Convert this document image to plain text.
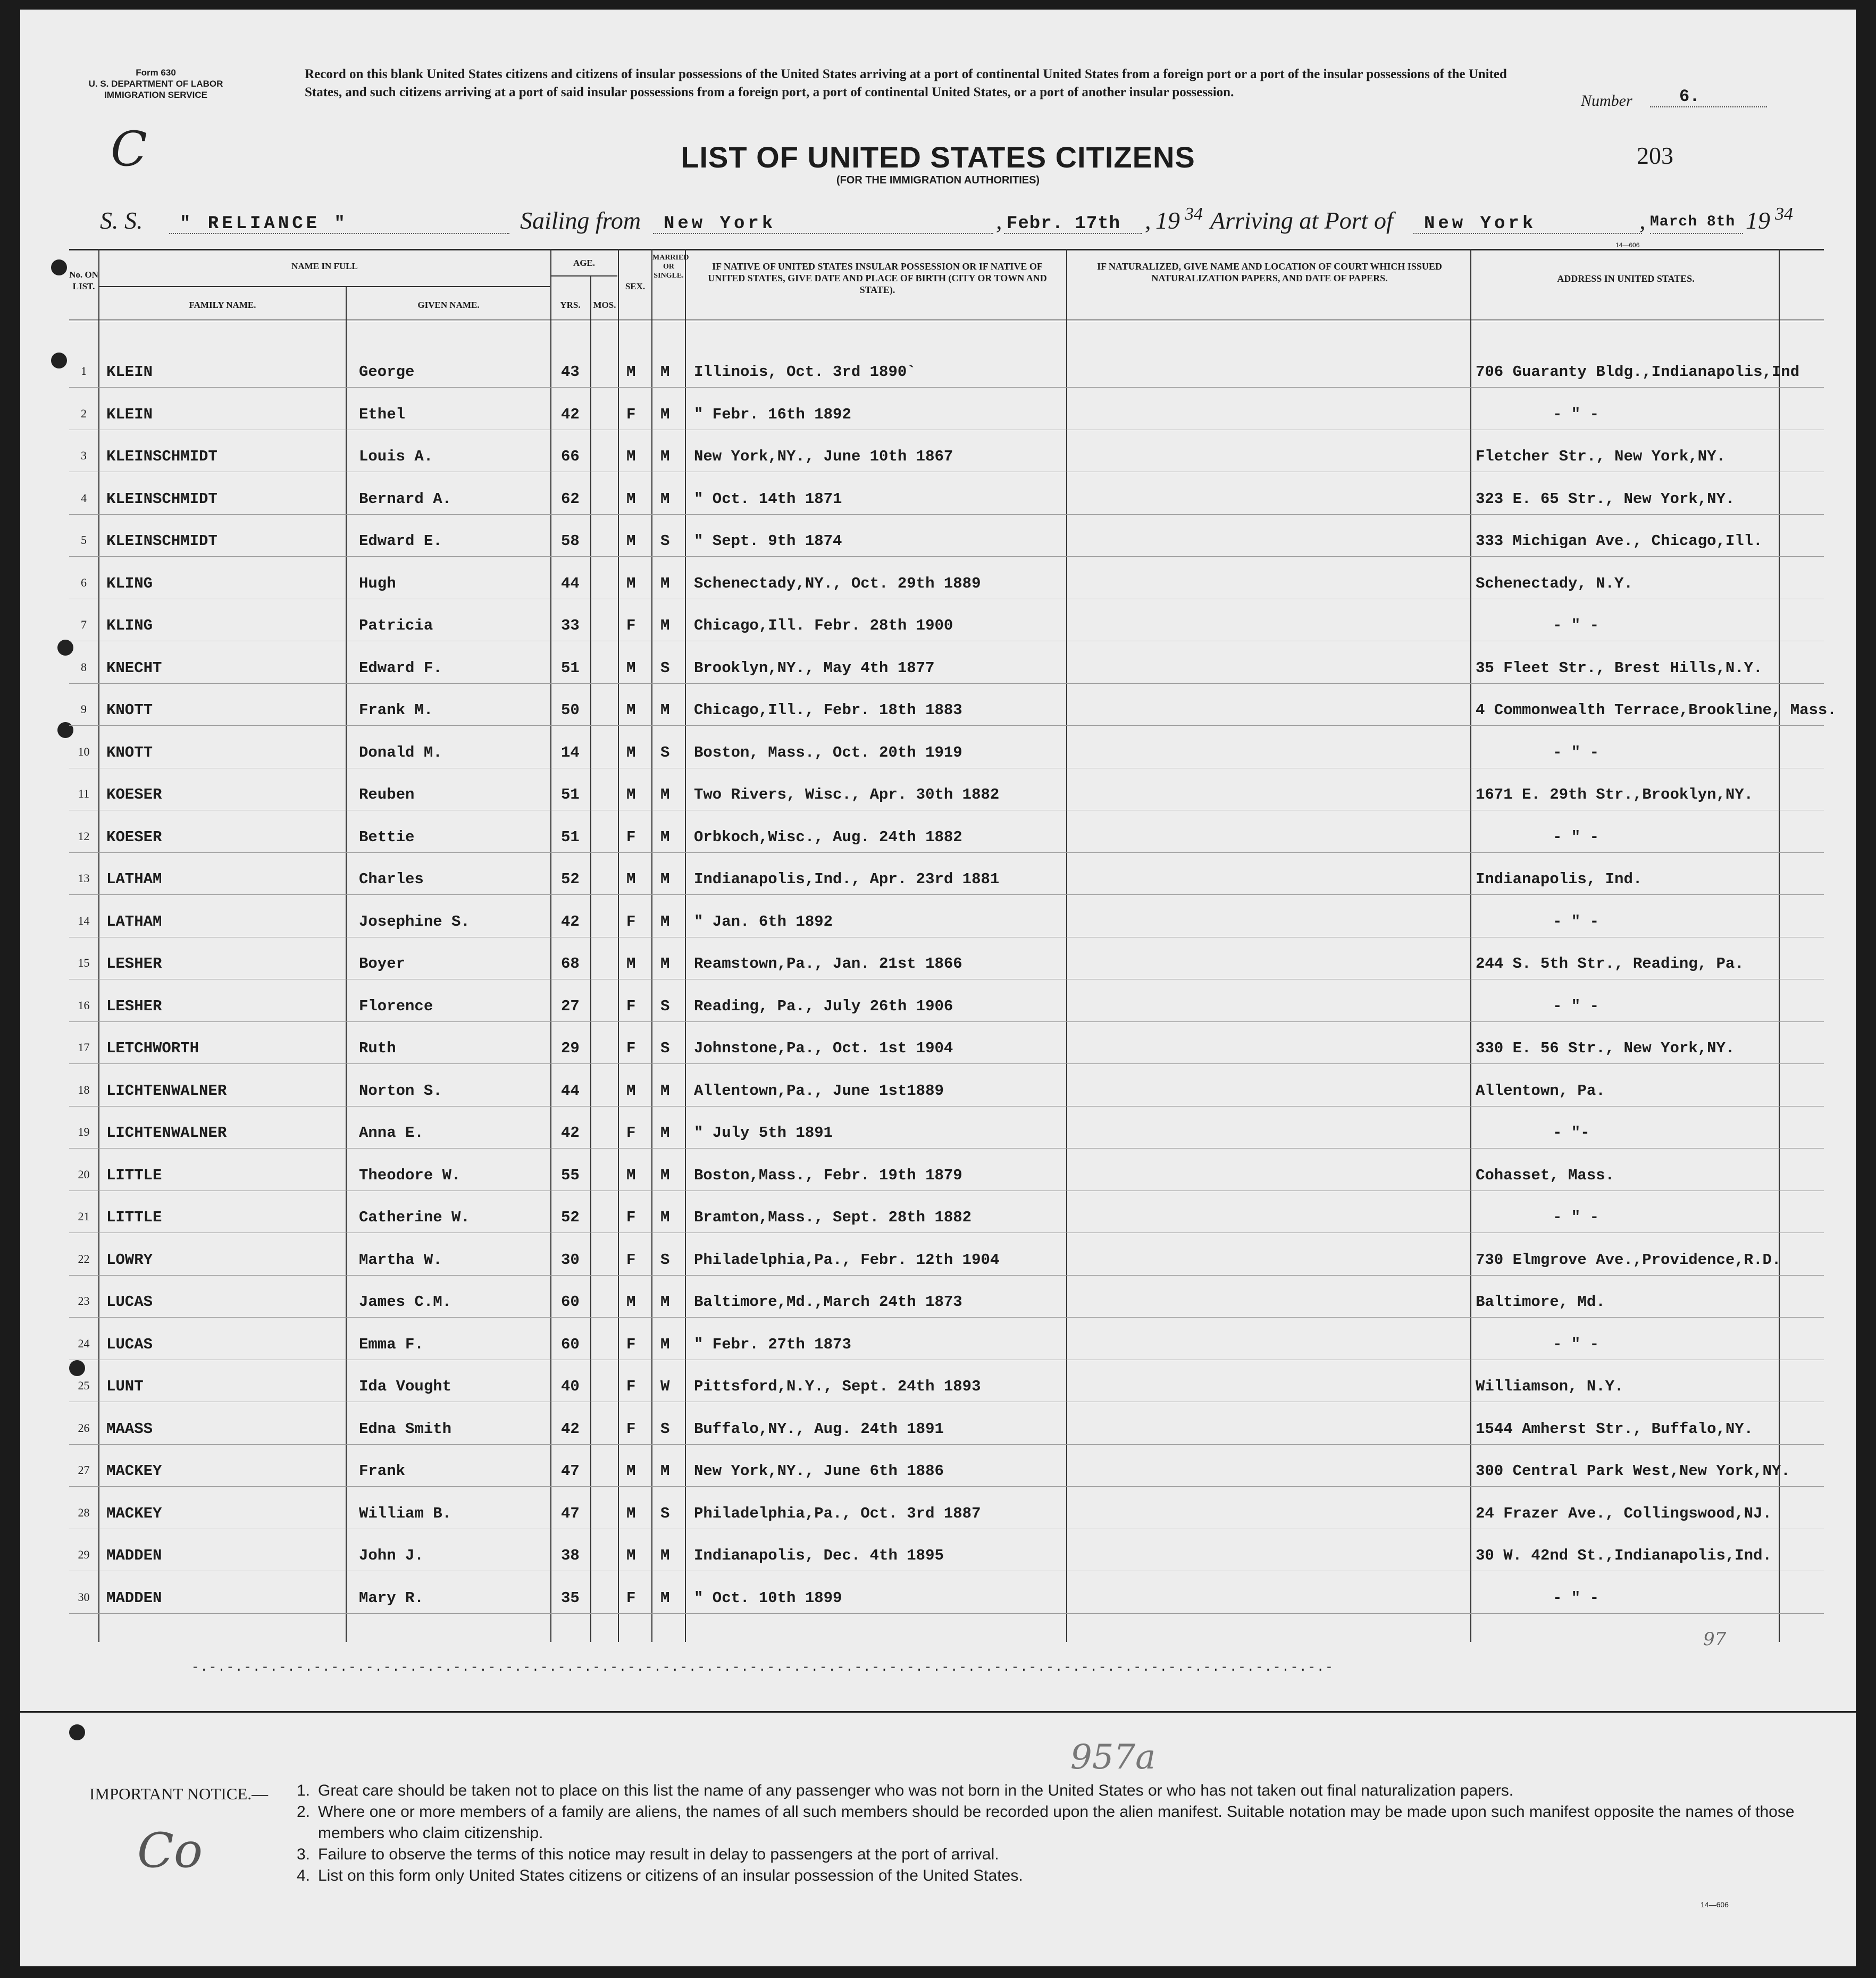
Form 630
U. S. DEPARTMENT OF LABOR
IMMIGRATION SERVICE
C
Record on this blank United States citizens and citizens of insular possessions of the United States arriving at a port of continental United States from a foreign port or a port of the insular possessions of the United States, and such citizens arriving at a port of said insular possessions from a foreign port, a port of continental United States, or a port of another insular possession.	Number	6.
203
LIST OF UNITED STATES CITIZENS
(FOR THE IMMIGRATION AUTHORITIES)
S. S. " RELIANCE "	Sailing from New York	, Febr. 17th , 19 34 Arriving at Port of New York	, March 8th 19 34
14—606
No. ON LIST.
NAME IN FULL
FAMILY NAME.	GIVEN NAME.
AGE.
YRS.	MOS.
SEX.
MARRIED OR SINGLE.
IF NATIVE OF UNITED STATES INSULAR POSSESSION OR IF NATIVE OF UNITED STATES, GIVE DATE AND PLACE OF BIRTH (CITY OR TOWN AND STATE).
IF NATURALIZED, GIVE NAME AND LOCATION OF COURT WHICH ISSUED NATURALIZATION PAPERS, AND DATE OF PAPERS.	ADDRESS IN UNITED STATES.
1	KLEIN	George	43	M M Illinois, Oct. 3rd 1890`	706 Guaranty Bldg.,Indianapolis,Ind
2	KLEIN	Ethel	42	F M " Febr. 16th 1892	- " -
3	KLEINSCHMIDT	Louis A.	66	M M New York,NY., June 10th 1867	Fletcher Str., New York,NY.
4	KLEINSCHMIDT	Bernard A.	62	M M " Oct. 14th 1871	323 E. 65 Str., New York,NY.
5	KLEINSCHMIDT	Edward E.	58	M S " Sept. 9th 1874	333 Michigan Ave., Chicago,Ill.
6	KLING	Hugh	44	M M Schenectady,NY., Oct. 29th 1889	Schenectady, N.Y.
7	KLING	Patricia	33	F M Chicago,Ill. Febr. 28th 1900	- " -
8	KNECHT	Edward F.	51	M S Brooklyn,NY., May 4th 1877	35 Fleet Str., Brest Hills,N.Y.
9	KNOTT	Frank M.	50	M M Chicago,Ill., Febr. 18th 1883	4 Commonwealth Terrace,Brookline, Mass.
10	KNOTT	Donald M.	14	M S Boston, Mass., Oct. 20th 1919	- " -
11	KOESER	Reuben	51	M M Two Rivers, Wisc., Apr. 30th 1882	1671 E. 29th Str.,Brooklyn,NY.
12	KOESER	Bettie	51	F M Orbkoch,Wisc., Aug. 24th 1882	- " -
13	LATHAM	Charles	52	M M Indianapolis,Ind., Apr. 23rd 1881	Indianapolis, Ind.
14	LATHAM	Josephine S.	42	F M " Jan. 6th 1892	- " -
15	LESHER	Boyer	68	M M Reamstown,Pa., Jan. 21st 1866	244 S. 5th Str., Reading, Pa.
16	LESHER	Florence	27	F S Reading, Pa., July 26th 1906	- " -
17	LETCHWORTH	Ruth	29	F S Johnstone,Pa., Oct. 1st 1904	330 E. 56 Str., New York,NY.
18	LICHTENWALNER	Norton S.	44	M M Allentown,Pa., June 1st1889	Allentown, Pa.
19	LICHTENWALNER	Anna E.	42	F M " July 5th 1891	- "-
20	LITTLE	Theodore W.	55	M M Boston,Mass., Febr. 19th 1879	Cohasset, Mass.
21	LITTLE	Catherine W.	52	F M Bramton,Mass., Sept. 28th 1882	- " -
22	LOWRY	Martha W.	30	F S Philadelphia,Pa., Febr. 12th 1904	730 Elmgrove Ave.,Providence,R.D.
23	LUCAS	James C.M.	60	M M Baltimore,Md.,March 24th 1873	Baltimore, Md.
24	LUCAS	Emma F.	60	F M " Febr. 27th 1873	- " -
25	LUNT	Ida Vought	40	F W Pittsford,N.Y., Sept. 24th 1893	Williamson, N.Y.
26	MAASS	Edna Smith	42	F S Buffalo,NY., Aug. 24th 1891	1544 Amherst Str., Buffalo,NY.
27	MACKEY	Frank	47	M M New York,NY., June 6th 1886	300 Central Park West,New York,NY.
28	MACKEY	William B.	47	M S Philadelphia,Pa., Oct. 3rd 1887	24 Frazer Ave., Collingswood,NJ.
29	MADDEN	John J.	38	M M Indianapolis, Dec. 4th 1895	30 W. 42nd St.,Indianapolis,Ind.
30	MADDEN	Mary R.	35	F M " Oct. 10th 1899	- " -
-.-.-.-.-.-.-.-.-.-.-.-.-.-.-.-.-.-.-.-.-.-.-.-.-.-.-.-.-.-.-.-.-.-.-.-.-.-.-.-.-.-.-.-.-.-.-.-.-.-.-.-.-.-.-.-.-.-.-.-.-.-.-.-.-.-
97
957a
IMPORTANT NOTICE.— 1. Great care should be taken not to place on this list the name of any passenger who was not born in the United States or who has not taken out final naturalization papers.
2. Where one or more members of a family are aliens, the names of all such members should be recorded upon the alien manifest. Suitable notation may be made upon such manifest opposite the names of those members who claim citizenship.
3. Failure to observe the terms of this notice may result in delay to passengers at the port of arrival.
4. List on this form only United States citizens or citizens of an insular possession of the United States.
Co
14—606
